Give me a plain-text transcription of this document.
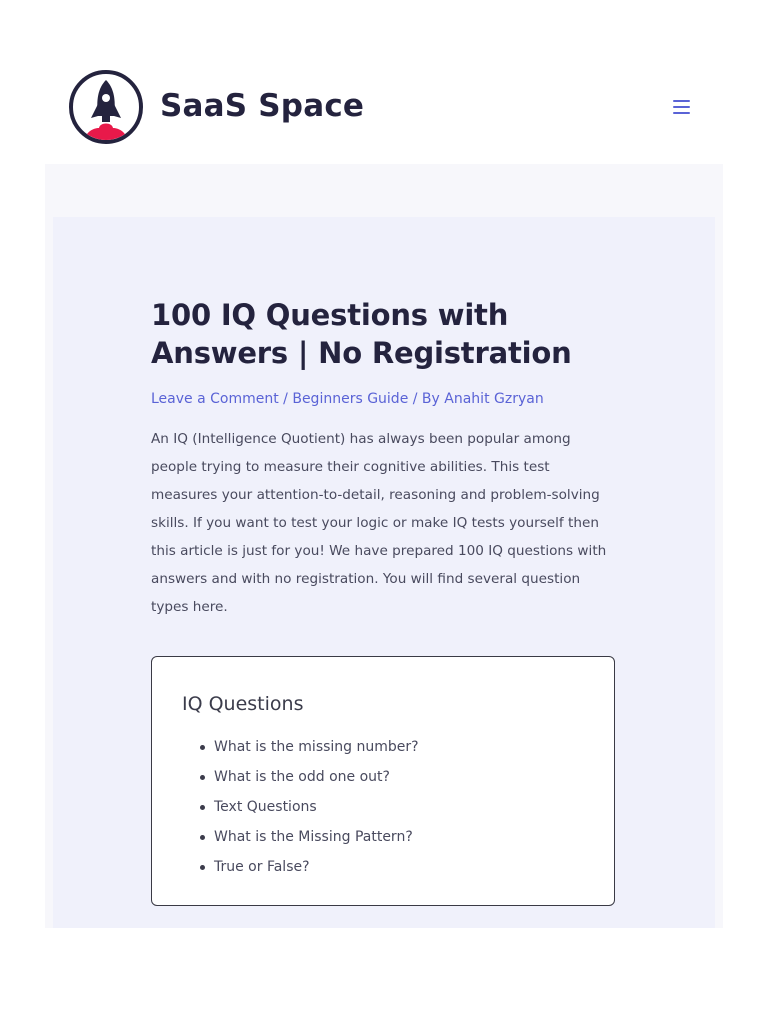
SaaS Space
100 IQ Questions with Answers | No Registration
Leave a Comment / Beginners Guide / By Anahit Gzryan

An IQ (Intelligence Quotient) has always been popular among people trying to measure their cognitive abilities. This test measures your attention-to-detail, reasoning and problem-solving skills. If you want to test your logic or make IQ tests yourself then this article is just for you! We have prepared 100 IQ questions with answers and with no registration. You will find several question types here.

IQ Questions
What is the missing number?
What is the odd one out?
Text Questions
What is the Missing Pattern?
True or False?
